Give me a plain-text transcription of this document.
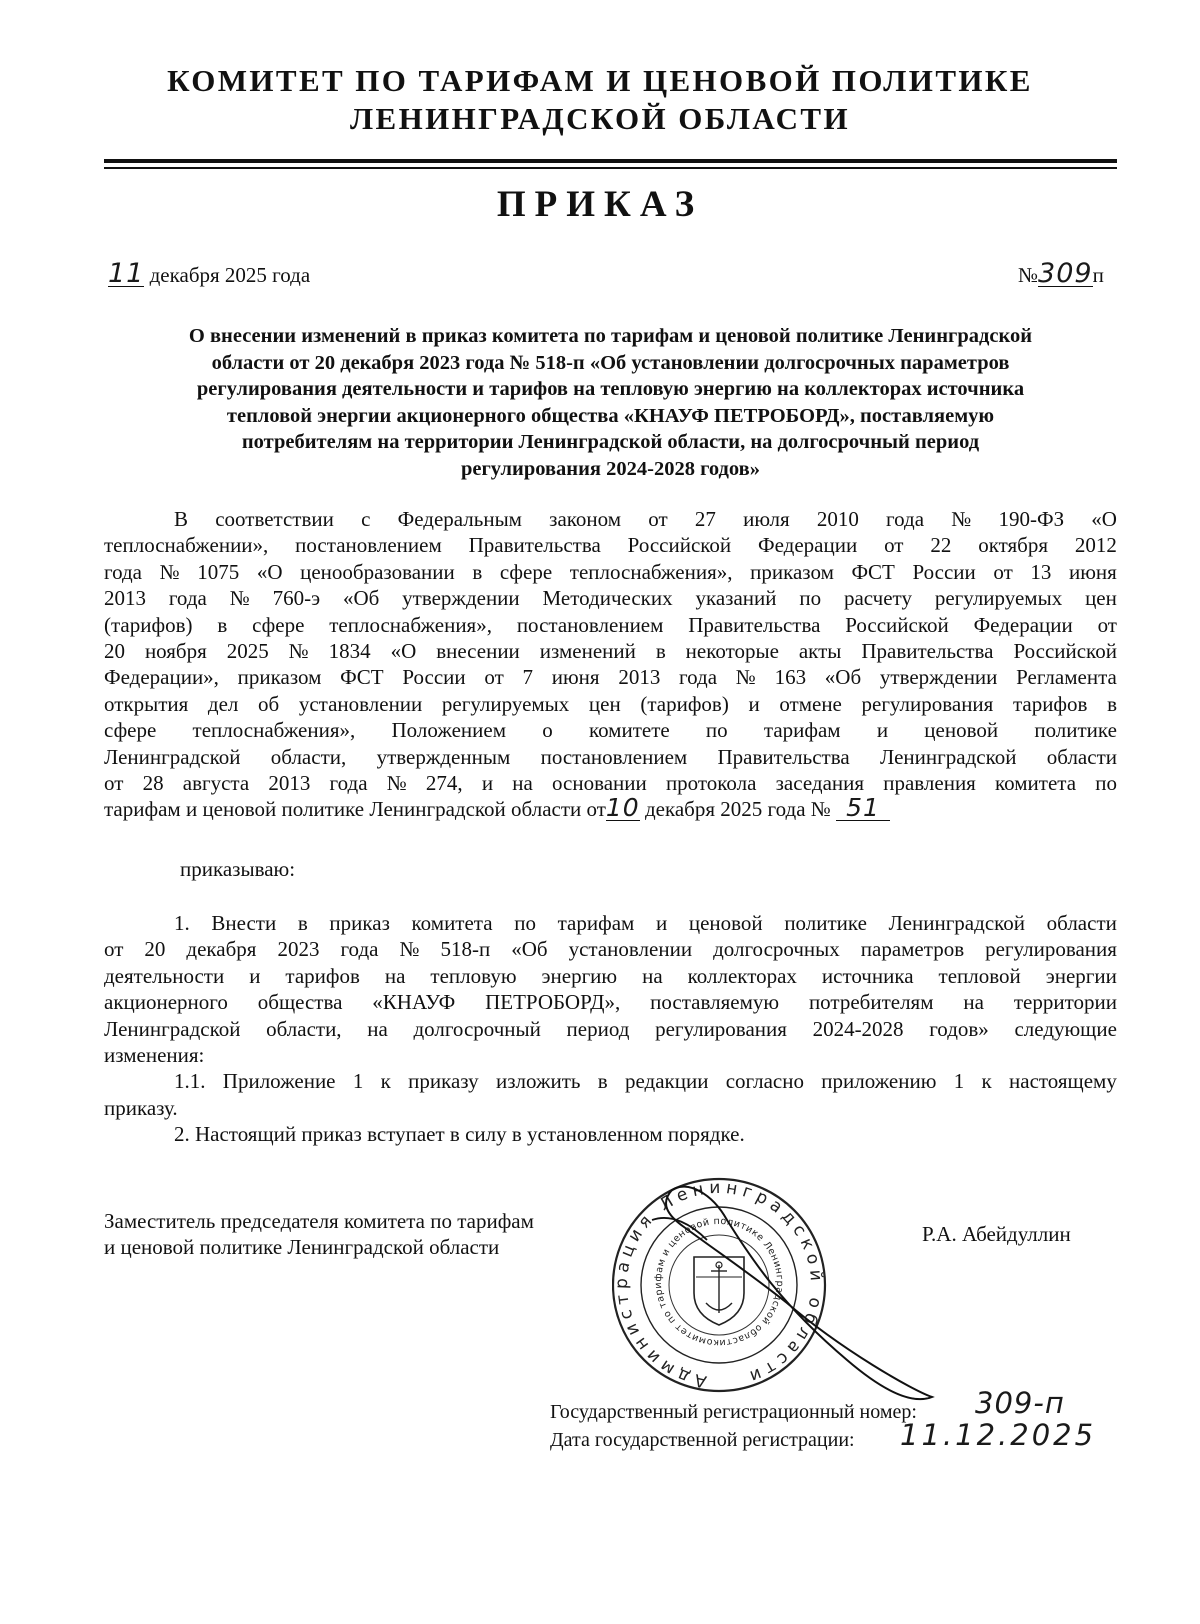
КОМИТЕТ ПО ТАРИФАМ И ЦЕНОВОЙ ПОЛИТИКЕ
ЛЕНИНГРАДСКОЙ ОБЛАСТИ
ПРИКАЗ
11 декабря 2025 года	№309п
О внесении изменений в приказ комитета по тарифам и ценовой политике Ленинградской
области от 20 декабря 2023 года № 518-п «Об установлении долгосрочных параметров
регулирования деятельности и тарифов на тепловую энергию на коллекторах источника
тепловой энергии акционерного общества «КНАУФ ПЕТРОБОРД», поставляемую
потребителям на территории Ленинградской области, на долгосрочный период
регулирования 2024-2028 годов»
В соответствии с Федеральным законом от 27 июля 2010 года № 190-ФЗ «О
теплоснабжении», постановлением Правительства Российской Федерации от 22 октября 2012
года № 1075 «О ценообразовании в сфере теплоснабжения», приказом ФСТ России от 13 июня
2013 года № 760-э «Об утверждении Методических указаний по расчету регулируемых цен
(тарифов) в сфере теплоснабжения», постановлением Правительства Российской Федерации от
20 ноября 2025 № 1834 «О внесении изменений в некоторые акты Правительства Российской
Федерации», приказом ФСТ России от 7 июня 2013 года № 163 «Об утверждении Регламента
открытия дел об установлении регулируемых цен (тарифов) и отмене регулирования тарифов в
сфере теплоснабжения», Положением о комитете по тарифам и ценовой политике
Ленинградской области, утвержденным постановлением Правительства Ленинградской области
от 28 августа 2013 года № 274, и на основании протокола заседания правления комитета по
тарифам и ценовой политике Ленинградской области от10 декабря 2025 года № 51
приказываю:
1. Внести в приказ комитета по тарифам и ценовой политике Ленинградской области
от 20 декабря 2023 года № 518-п «Об установлении долгосрочных параметров регулирования
деятельности и тарифов на тепловую энергию на коллекторах источника тепловой энергии
акционерного общества «КНАУФ ПЕТРОБОРД», поставляемую потребителям на территории
Ленинградской области, на долгосрочный период регулирования 2024-2028 годов» следующие
изменения:
1.1. Приложение 1 к приказу изложить в редакции согласно приложению 1 к настоящему
приказу.
2. Настоящий приказ вступает в силу в установленном порядке.
Заместитель председателя комитета по тарифам
и ценовой политике Ленинградской области
Р.А. Абейдуллин
Администрация Ленинградской области
комитет по тарифам и ценовой политике Ленинградской области
Государственный регистрационный номер:
Дата государственной регистрации:
309-п
11.12.2025
